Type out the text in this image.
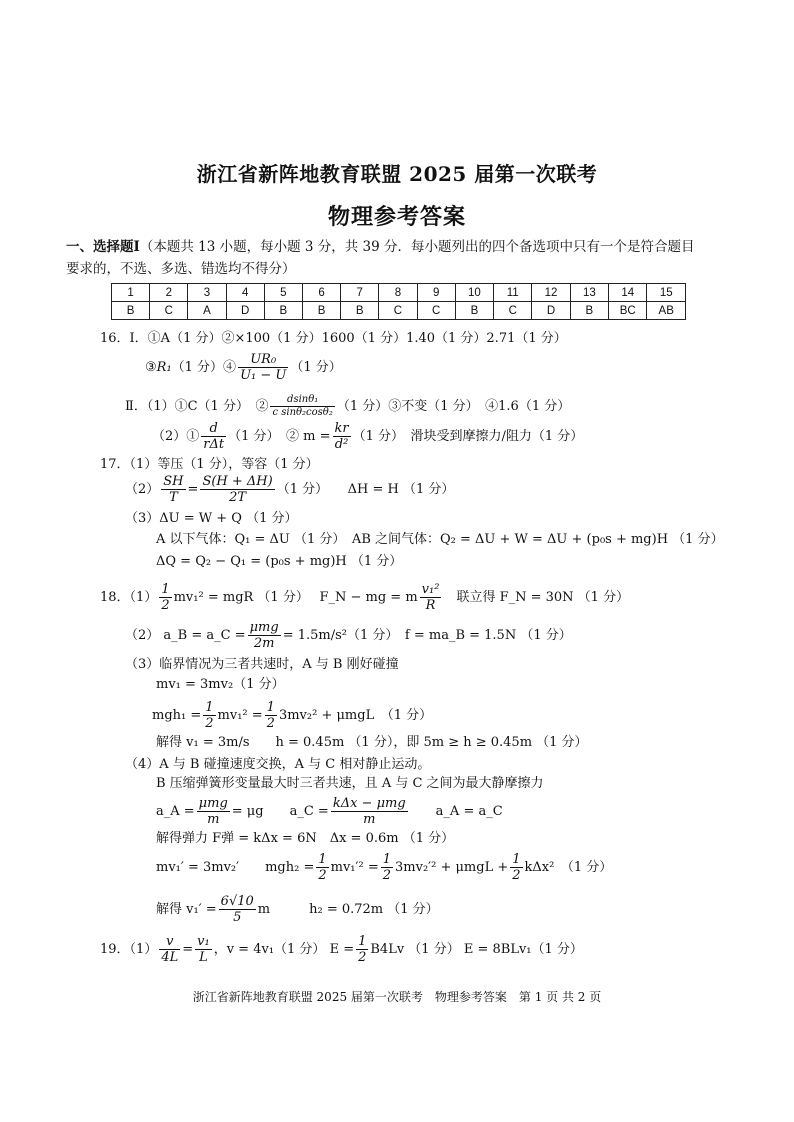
浙江省新阵地教育联盟 2025 届第一次联考
物理参考答案
一、选择题Ⅰ（本题共 13 小题，每小题 3 分，共 39 分．每小题列出的四个备选项中只有一个是符合题目要求的，不选、多选、错选均不得分）
1	2	3	4	5	6	7	8	9	10	11	12	13	14	15
B	C	A	D	B	B	B	C	C	B	C	D	B	BC	AB
16．Ⅰ．①A（1 分）②×100（1 分）1600（1 分）1.40（1 分）2.71（1 分）
③R₁（1 分）④ $\frac{\text{UR₀}}{\text{U₁ − U}} (1$ 分）
Ⅱ．（1）①C（1 分）　② $\frac{\text{dsinθ₁}}{\text{c sinθ₂cosθ₂}} (1$ 分）③不变（1 分）　④1.6（1 分）
（2）① $\frac{d}{\text{rΔt}} (1$ 分）　② $m = \frac{kr}{\text{d²}} (1$ 分）　滑块受到摩擦力/阻力（1 分）
17．（1）等压（1 分），等容（1 分）
$(2) \frac{SH}{T} = \frac{S(H + \Delta H)}{2T} (1$ 分）　　ΔH = H （1 分）
（3）ΔU = W + Q （1 分）
A 以下气体：Q₁ = ΔU （1 分）　AB 之间气体：Q₂ = ΔU + W = ΔU + (p₀s + mg)H （1 分）
ΔQ = Q₂ − Q₁ = (p₀s + mg)H （1 分）
18．$(1) \frac{1}{2} mv_1^2$ = mgR （1 分）　 F_N − mg = m $\frac{\text{v₁²}}{R}$ 　联立得 F_N = 30N （1 分）
（2） a_B = a_C = $\frac{\text{μmg}}{2m} = 1.5m/s^2(1$ 分）　f = ma_B = 1.5N （1 分）
（3）临界情况为三者共速时，A 与 B 刚好碰撞
mv₁ = 3mv₂（1 分）
$mgh_1 = \frac{1}{2} mv_1^2 = \frac{1}{2} 3mv_2^2 + \mu mgL$　（1 分）
解得 v₁ = 3m/s　　h = 0.45m （1 分），即 5m ≥ h ≥ 0.45m （1 分）
（4）A 与 B 碰撞速度交换，A 与 C 相对静止运动。
B 压缩弹簧形变量最大时三者共速，且 A 与 C 之间为最大静摩擦力
a_A = $\frac{\text{μmg}}{m} = \mu g$　　a_C = $\frac{\text{kΔx − μmg}}{m}$ 　　a_A = a_C
解得弹力 F弹 = kΔx = 6N　Δx = 0.6m （1 分）
mv₁′ = 3mv₂′　　$mgh_2 = \frac{1}{2} mv_1'^2 = \frac{1}{2} 3mv_2'^2 + \mu mgL + \frac{1}{2} k\Delta x^2$　（1 分）
解得 $v_1' = \frac{6√10}{5}$ m　　　h₂ = 0.72m （1 分）
19．$(1) \frac{v}{4L} = \frac{\text{v₁}}{L}$ ，v = 4v₁（1 分） $E = \frac{1}{2} B4Lv$ （1 分） E = 8BLv₁（1 分）
浙江省新阵地教育联盟 2025 届第一次联考　物理参考答案　第 1 页 共 2 页
